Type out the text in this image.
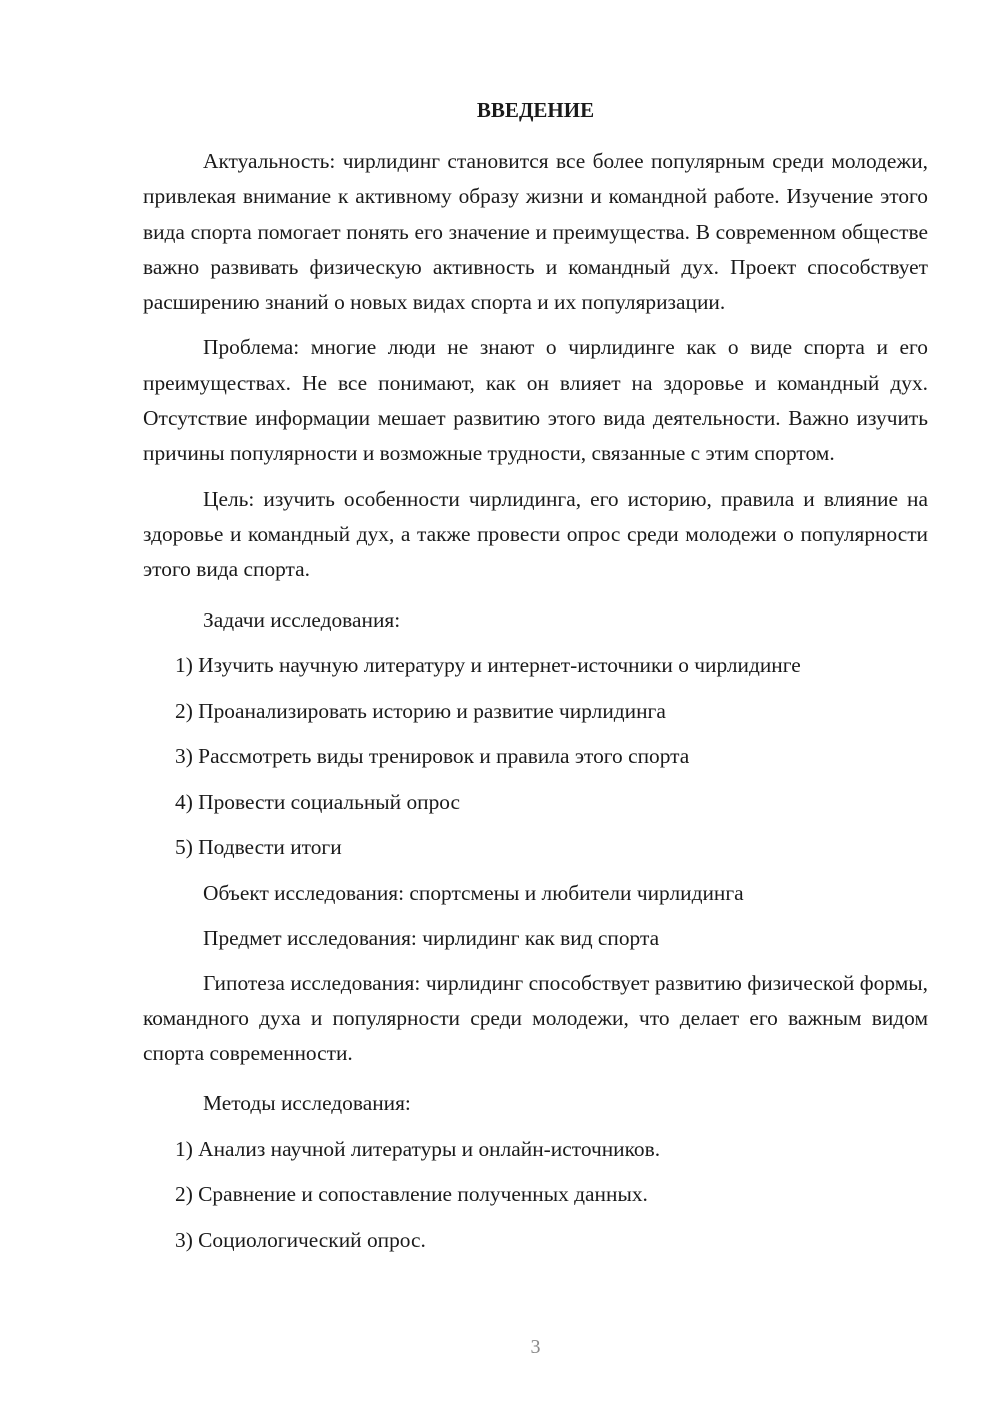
ВВЕДЕНИЕ

Актуальность: чирлидинг становится все более популярным среди молодежи, привлекая внимание к активному образу жизни и командной работе. Изучение этого вида спорта помогает понять его значение и преимущества. В современном обществе важно развивать физическую активность и командный дух. Проект способствует расширению знаний о новых видах спорта и их популяризации.

Проблема: многие люди не знают о чирлидинге как о виде спорта и его преимуществах. Не все понимают, как он влияет на здоровье и командный дух. Отсутствие информации мешает развитию этого вида деятельности. Важно изучить причины популярности и возможные трудности, связанные с этим спортом.

Цель: изучить особенности чирлидинга, его историю, правила и влияние на здоровье и командный дух, а также провести опрос среди молодежи о популярности этого вида спорта.

Задачи исследования:

1) Изучить научную литературу и интернет-источники о чирлидинге

2) Проанализировать историю и развитие чирлидинга

3) Рассмотреть виды тренировок и правила этого спорта

4) Провести социальный опрос

5) Подвести итоги

Объект исследования: спортсмены и любители чирлидинга

Предмет исследования: чирлидинг как вид спорта

Гипотеза исследования: чирлидинг способствует развитию физической формы, командного духа и популярности среди молодежи, что делает его важным видом спорта современности.

Методы исследования:

1) Анализ научной литературы и онлайн-источников.

2) Сравнение и сопоставление полученных данных.

3) Социологический опрос.

3
